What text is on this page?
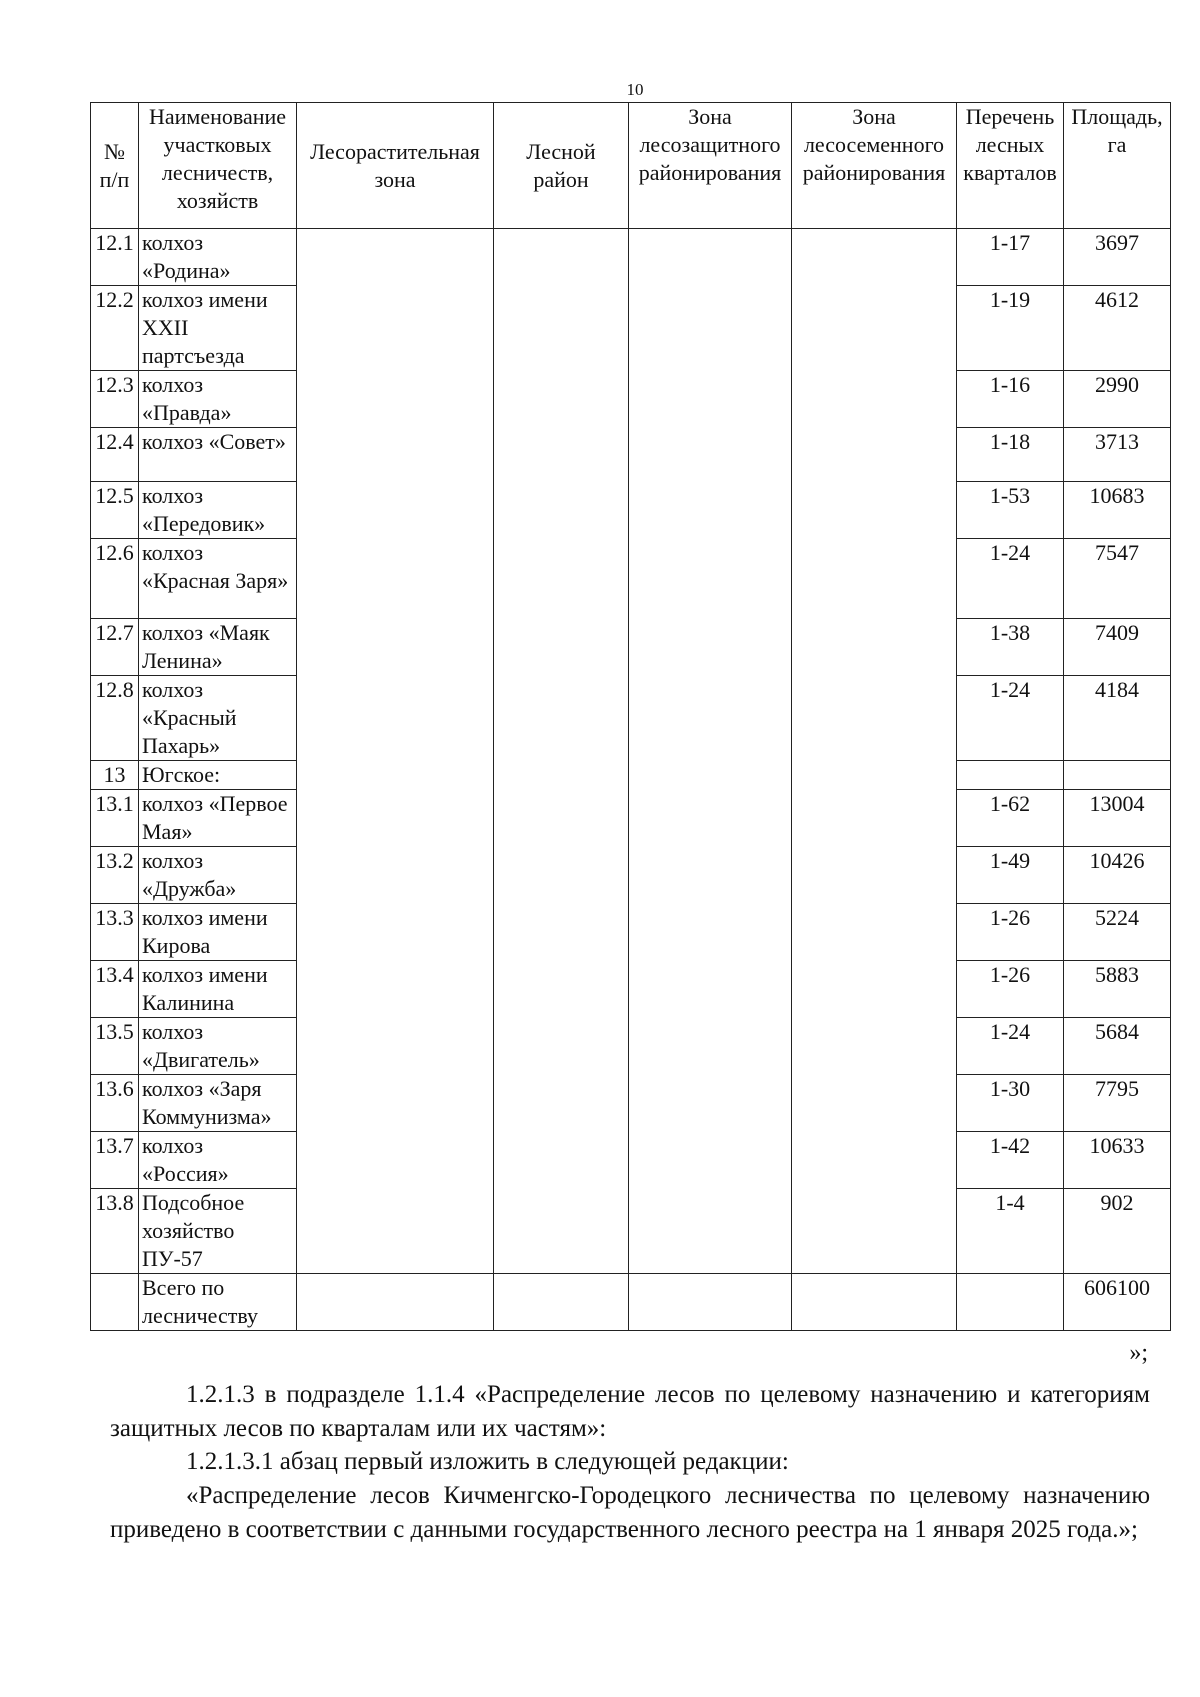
10
№ п/п	Наименование участковых лесничеств, хозяйств	Лесорастительная зона	Лесной район	Зона лесозащитного районирования	Зона лесосеменного районирования	Перечень лесных кварталов	Площадь, га
12.1	колхоз «Родина»					1-17	3697
12.2	колхоз имени XXII партсъезда					1-19	4612
12.3	колхоз «Правда»					1-16	2990
12.4	колхоз «Совет»					1-18	3713
12.5	колхоз «Передовик»					1-53	10683
12.6	колхоз «Красная Заря»					1-24	7547
12.7	колхоз «Маяк Ленина»					1-38	7409
12.8	колхоз «Красный Пахарь»					1-24	4184
13	Югское:						
13.1	колхоз «Первое Мая»					1-62	13004
13.2	колхоз «Дружба»					1-49	10426
13.3	колхоз имени Кирова					1-26	5224
13.4	колхоз имени Калинина					1-26	5883
13.5	колхоз «Двигатель»					1-24	5684
13.6	колхоз «Заря Коммунизма»					1-30	7795
13.7	колхоз «Россия»					1-42	10633
13.8	Подсобное хозяйство ПУ-57					1-4	902
	Всего по лесничеству						606100
»;
1.2.1.3 в подразделе 1.1.4 «Распределение лесов по целевому назначению и категориям защитных лесов по кварталам или их частям»:
1.2.1.3.1 абзац первый изложить в следующей редакции:
«Распределение лесов Кичменгско-Городецкого лесничества по целевому назначению приведено в соответствии с данными государственного лесного реестра на 1 января 2025 года.»;
